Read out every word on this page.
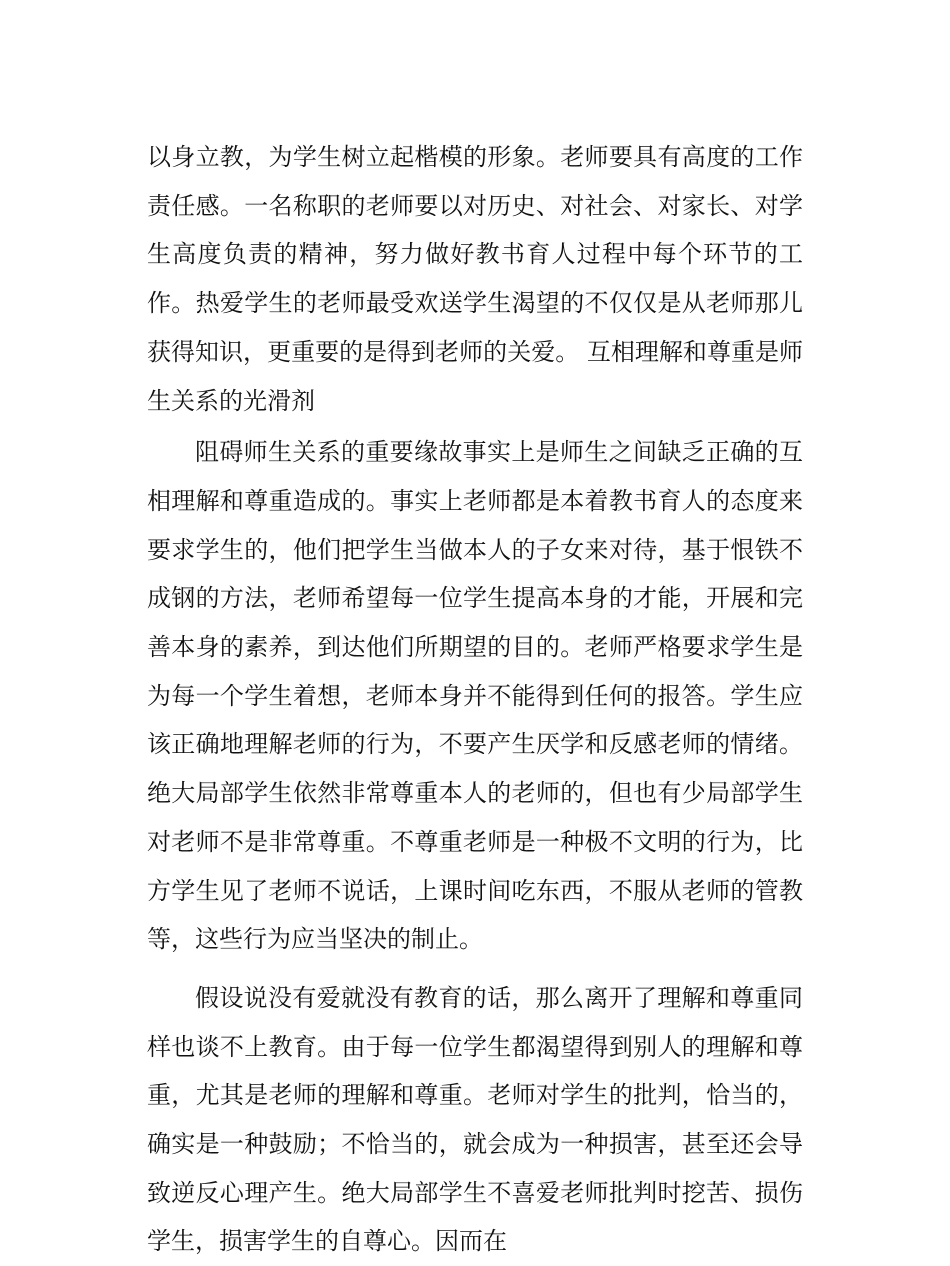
以身立教，为学生树立起楷模的形象。老师要具有高度的工作责任感。一名称职的老师要以对历史、对社会、对家长、对学生高度负责的精神，努力做好教书育人过程中每个环节的工作。热爱学生的老师最受欢送学生渴望的不仅仅是从老师那儿获得知识，更重要的是得到老师的关爱。 互相理解和尊重是师生关系的光滑剂

阻碍师生关系的重要缘故事实上是师生之间缺乏正确的互相理解和尊重造成的。事实上老师都是本着教书育人的态度来要求学生的，他们把学生当做本人的子女来对待，基于恨铁不成钢的方法，老师希望每一位学生提高本身的才能，开展和完善本身的素养，到达他们所期望的目的。老师严格要求学生是为每一个学生着想，老师本身并不能得到任何的报答。学生应该正确地理解老师的行为，不要产生厌学和反感老师的情绪。绝大局部学生依然非常尊重本人的老师的，但也有少局部学生对老师不是非常尊重。不尊重老师是一种极不文明的行为，比方学生见了老师不说话，上课时间吃东西，不服从老师的管教等，这些行为应当坚决的制止。

假设说没有爱就没有教育的话，那么离开了理解和尊重同样也谈不上教育。由于每一位学生都渴望得到别人的理解和尊重，尤其是老师的理解和尊重。老师对学生的批判，恰当的，确实是一种鼓励；不恰当的，就会成为一种损害，甚至还会导致逆反心理产生。绝大局部学生不喜爱老师批判时挖苦、损伤学生，损害学生的自尊心。因而在
